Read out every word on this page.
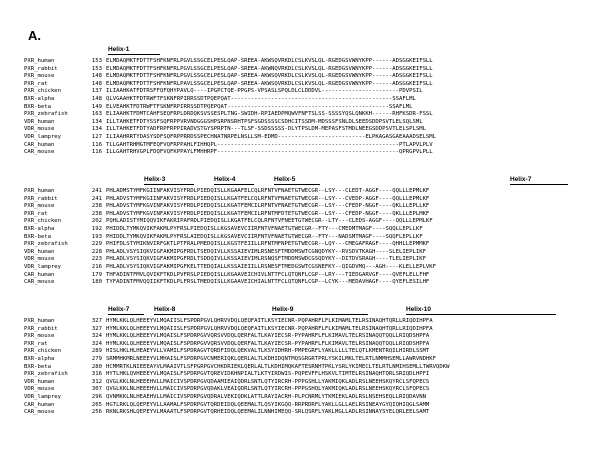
A.
Helix-1
PXR_human	153 ELMDAQMKTFDTTFSHFKNFRLPGVLSSGCELPESLQAP-SREEA-AKWSQVRKDLCSLKVSLQL-RGEDGSVWNYKPP------ADSGGKEIFSLL
PXR_rabbit	153 ELMDAQMKTFDTTFSHFKNFRLPGVLSSGCELPESLQAP-SREEA-AKWNQVRKDLCSLKVSLQL-RGEDGSVWNYKPP------ADSGGKEIFSLL
PXR_mouse	148 ELMDAQMKTFDTTFSHFKNFRLPGVLSSGCELPESLQAP-SREEA-AKWSQVRKDLCSLKVSLQL-RGEDGSVWNYKPP------ADSGGKEIFSLL
PXR_rat	148 ELMDAQMKTFDTTFSHFKNFRLPAVLSSGCELPESLQAP-SREEA-AKWSQVRKDLCSLKVSLQL-RGEDGSVWNYKPP------ADSGGKEIFSLL
PXR_chicken	137 ILIAAHKATFDTRSFFQFQHYPAVLQ----IPGPCTQE-PPGPS-VPSASLSPQLDLCLDDDVL-----------------------PDVPSIL
BXR-alpha	148 QLVGAAHKTFDTRWFTFSKNFRPIRRSSDTPQEPQAT------------------------------------------------SSAFLML
BXR-beta	149 ELVEAHKTFDTRWFTFSKNFRPIRRSSDTPQEPQAT------------------------------------------------SSAFLML
PXR_zebrafish	163 ELIAAHKTFDMTCAHFSEQFRPLDRDQKSVSSESPLTNG-SWIDH-RPIAEDPMQWVFNFTSLSS-SSSSYQSLQNKKH------RHFKSDR-FSSL
VDR_human	134 ILLTAHKETFDTYSSFSQFRPPVRVNDGGGSHPSRPNSRHTPSFSGDSSSSCSDHCITSSDM-MDSSSFSNLDLSEEDSDDPSVTLELSQLSML
VDR_mouse	134 ILLTAHKETFDTYADFRPFRPPIRADVSTGYSPRPTN---TLSF-SSDSSSSS-DLYTPSLDM-MEPASFSTMDLNEEGSDDPSVTLELSPLSML
VDR_lamprey	127 ILIAAHRRTYDASYSDFSQFRPPRRDSSPECHNATNRPELNSLLSM-EDMD--------------------------ELPKAGASGAEAAADSELSML
CAR_human	116 TLLGAHTRHMGTMFEQFVQFRPPAHLFIHHQPL------------------------------------------------------PTLAPVLPLV
CAR_mouse	116 ILLGAHTRHVGPLFDQFVQFKPPAYLFMHHRPF------------------------------------------------------QPRGPVLPLL
Helix-3	Helix-4	Helix-5	Helix-7
PXR_human	241 PHLADMSTYMFKGIINFAKVISYFRDLPIEDQISLLKGAAFELCQLRFNTVFNAETGTWECGR--LSY---CLEDT-AGGF----QQLLLEPMLKF
PXR_rabbit	241 PHLADVSTYMFKGIINFAKVISYFRDLPIEDQISLLKGATFELCQLRFNTVFNAETGTWECGR--LSY---CVEDP-AGGF----QQLLLEPMLKF
PXR_mouse	238 PHLADVSTYMFKGVINFAKVISYFRDLPIEDQISLLKGATFEMCILRFNTVFNAETGTWECGR--LSY---CFEDP-NGGF----QKLLLEPLLKF
PXR_rat	238 PHLADVSTYMFKGVINFAKVISYFRDLPIEDQISLLKGATFEMCILRFNTMFDTETGTWECGR--LSY---CFEDP-NGGF----QKLLLEPLMKF
PXR_chicken	202 PQHLADISTYMIQQVIKFAKRIPAFRDLPIEDQISLLKGATFELCQLRFNTVFNEETGTWECGR--LTY---CLEDS-AGGF----QQLLLEPMLKF
BXR-alpha	192 PHIDDLTYMKQVIKFAKMLPYFRSLPIEDQISLLKGSAVEVCIIRFNTVFNAETGTWECGR--FTY---CMEDMTMAGF----SQQLLEPLLKF
BXR-beta	193 PHIDDLTYMKQVIKFAKMLPYFRSLAIEDQISLLKGSAVEVCIIRFNTVFNAETGTWECGR--FTY---NADSMTMAGF----SQQFLEPLLKF
PXR_zebrafish	229 PHIFDLSTYMIKNVIRFGKTLPTFRALPMEDQISLLKGSTFEIILLRFNTMFNPETGTWECGR--LQY---CMEGAFRAGF----QHHLLEPMMKF
VDR_human	228 PHLADLVSYSIQKVIGFAKMIPGFRDLTSEDQIVLLKSSAIEVIMLRSNESFTMDDMSWTCGNQDYKY--RVSDVTKAGH----SLELIEPLIKF
VDR_mouse	223 PHLADLVSYSIQKVIGFAKMIPGFRDLTSDDQIVLLKSSAIEVIMLRSNQSFTMDDMSWDCGSQDYKY--DITDVSRAGH----TLELIEPLIKF
VDR_lamprey	216 PHLADLVSYSIQKVIGFAKMIPGFKELTTEDQIALLKSSAIEIILLRSNESFTMEDGSWTCGSNEFKY--QIGDVMQ---AGH----KLELLEPLVKF
CAR_human	179 THFADINTFMVLQVIKFTKDLPVFRSLPIEDQISLLKGAAVEICHIVLNTTFCLQTQNFLCGP--LRY---TIEDGARVGF----QVEFLELLFHF
CAR_mouse	180 TYFADINTFMVQQIIKFTKDLPLFRSLTMEDQISLLKGAAVEICHIALNTTFCLQTQNFLCGP--LCYK---MEDAVHAGF----QYEFLESILHF
Helix-7	Helix-8	Helix-9	Helix-10
PXR_human	327 HYMLKKLQLHEEEYVLMQAIISLFSPDRPGVLQHRVVDQLQEQFAITLKSYIECNR-PQPAHRFLFLKIMAMLTELRSINAQHTQRLLRIQDIHPFA
PXR_rabbit	327 HYMLKKLQLHEEEYVLMQAIISLFSPDRPGVLQHRVVDQLQEQFAITLKSYIECNR-PQPAHRFLFLKIMAMLTELRSINAQHTQRLLRIQDIHPFA
PXR_mouse	324 HYMLKKLQLHEEEYVLMQAISLFSPDRPGVVQRSVVDQLQERFALTLKAYIECSR-PYPAHRFLFLKIMAVLTELRSINAQQTQQLLRIQDSHPFA
PXR_rat	324 HYMLKKLQLHEEEYVLMQAISLFSPDRPGVVQRSVVDQLQERFALTLKAYIECSR-PYPAHRFLFLKIMAVLTELRSINAQQTQQLLRIQDSHPFA
PXR_chicken	289 HISLHKLHLHEAEYVLLVAMILFSPDRAGVTQRDFIDQLQEKVALTLKSYIDHRH-PMPEGRFLYAKLLLLLTELQTLKMENTRQILHIRDLSSMT
BXR-alpha	279 SRMMHKMRLNEEEYVLMHAISLFSPDRPGVCNMERIQKLQERLALTLKDHIDQNTMQSGRGRTPRLYSKILMKLTELRTLNMMHSEMLLAWRVNDHKF
BXR-beta	280 HCMMRTKLNIEEEAYVLMAAIVTLSFPGRPGVCHKDRIEKLQERLALTLKDHIMQKAFTESRNHTPKLYSRLYKIMECLTELRTLNMIHSEMLLTWRVQDKW
PXR_zebrafish	316 HYTLHKLQVHEEEYVLMQAISLFSPDRPGVTQREVIDKHNPIALTLKTYIRDWIS-PQPEVFFLHSKVLTIMTELRSINAQHTQRLSRIQDLHPFI
VDR_human	312 QVGLKKLNLHEEEHVLLMAICIVSPDRPGVQDAAMIEAIQDRLSNTLQTYIRCRH-PPPGSHLLYAKMIQKLADLRSLNEEHSKQYRCLSFQPECS
VDR_mouse	307 QVGLKKLNLHEEEHVLLMAICIVSPDRPGVQDAKLVEAIQDRLSNTLQTYIRCRH-PPPGSHQLYAKMIQKLADLRSLNEEHSKQYRCLSFQPECS
VDR_lamprey	296 QVNMKKLNLHEAEHVLLMAICIVSPDRPGVQDRALVEKIQDKLATTLRAYIACRH-PLPCNRMLYTKMIEKLADLRSLNSEHSEQLLRIQDAVNN
CAR_human	265 HGTLRKLQLQEPEYVLLAAMALFSPDRPGVTQRDEIDQLQEEMALTLQSYIKGQQ-RRPRDRFLYAKLLGLLAELRSINEAYGYQIQHIQGLSAMM
CAR_mouse	256 RKNLRKSHLQEPEYVLMAAATLFSPDRPGVTQRHEIDQLQEEMALILNNHIMEQQ-SRLQSRFLYAKLMGLLADLRSINNAYSYELQRLEELSAMT
